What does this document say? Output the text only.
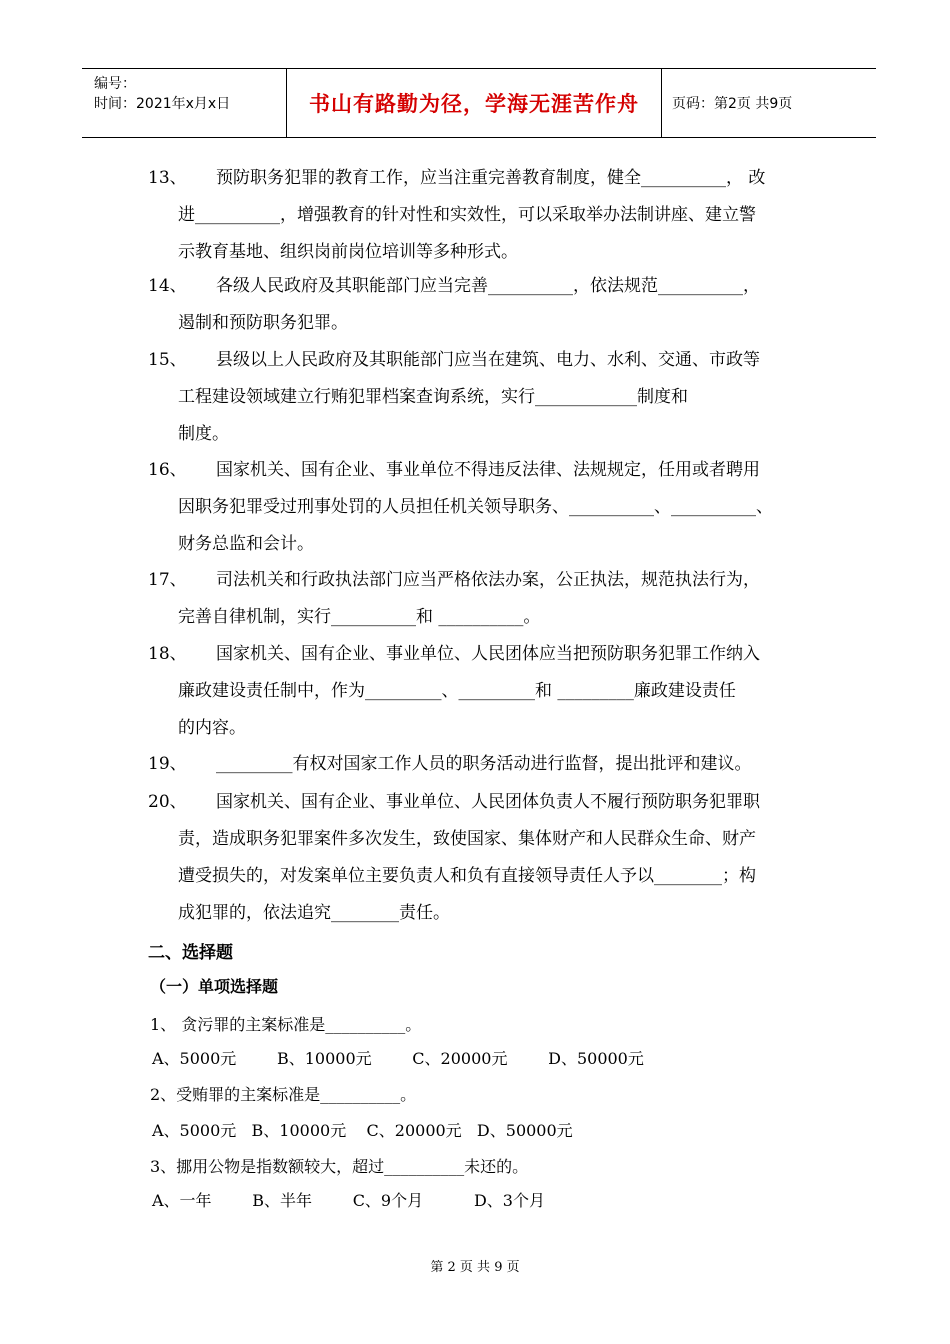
编号：
时间：2021年x月x日	书山有路勤为径，学海无涯苦作舟 页码：第2页 共9页
13、	预防职务犯罪的教育工作，应当注重完善教育制度，健全__________， 改
进__________，增强教育的针对性和实效性，可以采取举办法制讲座、建立警
示教育基地、组织岗前岗位培训等多种形式。
14、	各级人民政府及其职能部门应当完善__________，依法规范__________，
遏制和预防职务犯罪。
15、	县级以上人民政府及其职能部门应当在建筑、电力、水利、交通、市政等
工程建设领域建立行贿犯罪档案查询系统，实行____________制度和
制度。
16、	国家机关、国有企业、事业单位不得违反法律、法规规定，任用或者聘用
因职务犯罪受过刑事处罚的人员担任机关领导职务、__________、__________、
财务总监和会计。
17、	司法机关和行政执法部门应当严格依法办案，公正执法，规范执法行为，
完善自律机制，实行__________和 __________。
18、	国家机关、国有企业、事业单位、人民团体应当把预防职务犯罪工作纳入
廉政建设责任制中，作为_________、_________和 _________廉政建设责任
的内容。
19、	_________有权对国家工作人员的职务活动进行监督，提出批评和建议。
20、	国家机关、国有企业、事业单位、人民团体负责人不履行预防职务犯罪职
责，造成职务犯罪案件多次发生，致使国家、集体财产和人民群众生命、财产
遭受损失的，对发案单位主要负责人和负有直接领导责任人予以________；构
成犯罪的，依法追究________责任。
二、选择题
（一）单项选择题
1、 贪污罪的主案标准是__________。
A、5000元        B、10000元        C、20000元        D、50000元
2、受贿罪的主案标准是__________。
A、5000元   B、10000元    C、20000元   D、50000元
3、挪用公物是指数额较大，超过__________未还的。
A、一年        B、半年        C、9个月          D、3个月
第 2 页 共 9 页
